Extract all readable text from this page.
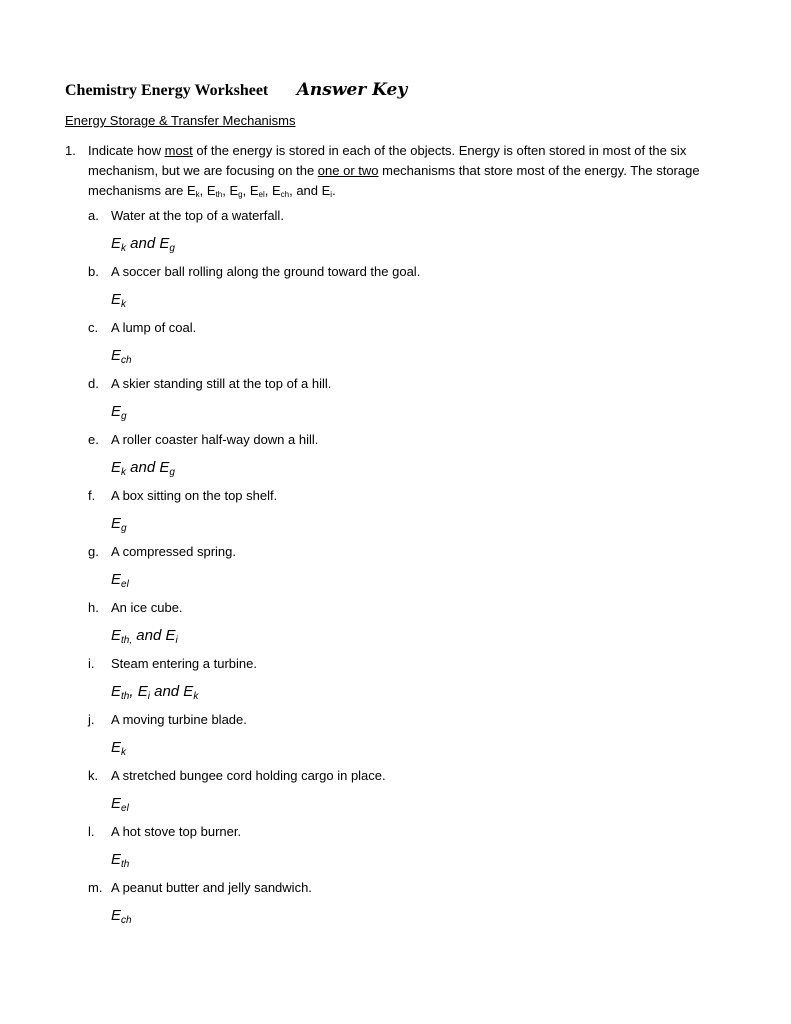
Chemistry Energy Worksheet Answer Key
Energy Storage & Transfer Mechanisms
1. Indicate how most of the energy is stored in each of the objects. Energy is often stored in most of the six mechanism, but we are focusing on the one or two mechanisms that store most of the energy. The storage mechanisms are $E_k$, $E_{th}$, $E_g$, $E_{el}$, $E_{ch}$, and $E_i$.
a. Water at the top of a waterfall.
$E_k$ and $E_g$
b. A soccer ball rolling along the ground toward the goal.
$E_k$
c. A lump of coal.
$E_{ch}$
d. A skier standing still at the top of a hill.
$E_g$
e. A roller coaster half-way down a hill.
$E_k$ and $E_g$
f. A box sitting on the top shelf.
$E_g$
g. A compressed spring.
$E_{el}$
h. An ice cube.
$E_{th,}$ and $E_i$
i. Steam entering a turbine.
$E_{th}$, $E_i$ and $E_k$
j. A moving turbine blade.
$E_k$
k. A stretched bungee cord holding cargo in place.
$E_{el}$
l. A hot stove top burner.
$E_{th}$
m. A peanut butter and jelly sandwich.
$E_{ch}$
